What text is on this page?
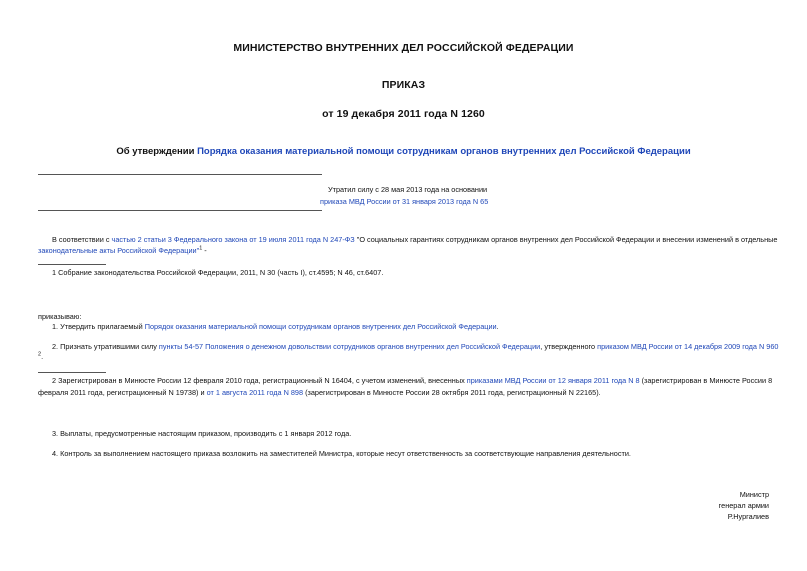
МИНИСТЕРСТВО ВНУТРЕННИХ ДЕЛ РОССИЙСКОЙ ФЕДЕРАЦИИ
ПРИКАЗ
от 19 декабря 2011 года N 1260
Об утверждении Порядка оказания материальной помощи сотрудникам органов внутренних дел Российской Федерации
Утратил силу с 28 мая 2013 года на основании
приказа МВД России от 31 января 2013 года N 65
В соответствии с частью 2 статьи 3 Федерального закона от 19 июля 2011 года N 247-ФЗ "О социальных гарантиях сотрудникам органов внутренних дел Российской Федерации и внесении изменений в отдельные
законодательные акты Российской Федерации"$^1$ -
1 Собрание законодательства Российской Федерации, 2011, N 30 (часть I), ст.4595; N 46, ст.6407.
приказываю:
1. Утвердить прилагаемый Порядок оказания материальной помощи сотрудникам органов внутренних дел Российской Федерации.
2. Признать утратившими силу пункты 54-57 Положения о денежном довольствии сотрудников органов внутренних дел Российской Федерации, утвержденного приказом МВД России от 14 декабря 2009 года N 960
$^2$.
2 Зарегистрирован в Минюсте России 12 февраля 2010 года, регистрационный N 16404, с учетом изменений, внесенных приказами МВД России от 12 января 2011 года N 8 (зарегистрирован в Минюсте России 8
февраля 2011 года, регистрационный N 19738) и от 1 августа 2011 года N 898 (зарегистрирован в Минюсте России 28 октября 2011 года, регистрационный N 22165).
3. Выплаты, предусмотренные настоящим приказом, производить с 1 января 2012 года.
4. Контроль за выполнением настоящего приказа возложить на заместителей Министра, которые несут ответственность за соответствующие направления деятельности.
Министр
генерал армии
Р.Нургалиев
